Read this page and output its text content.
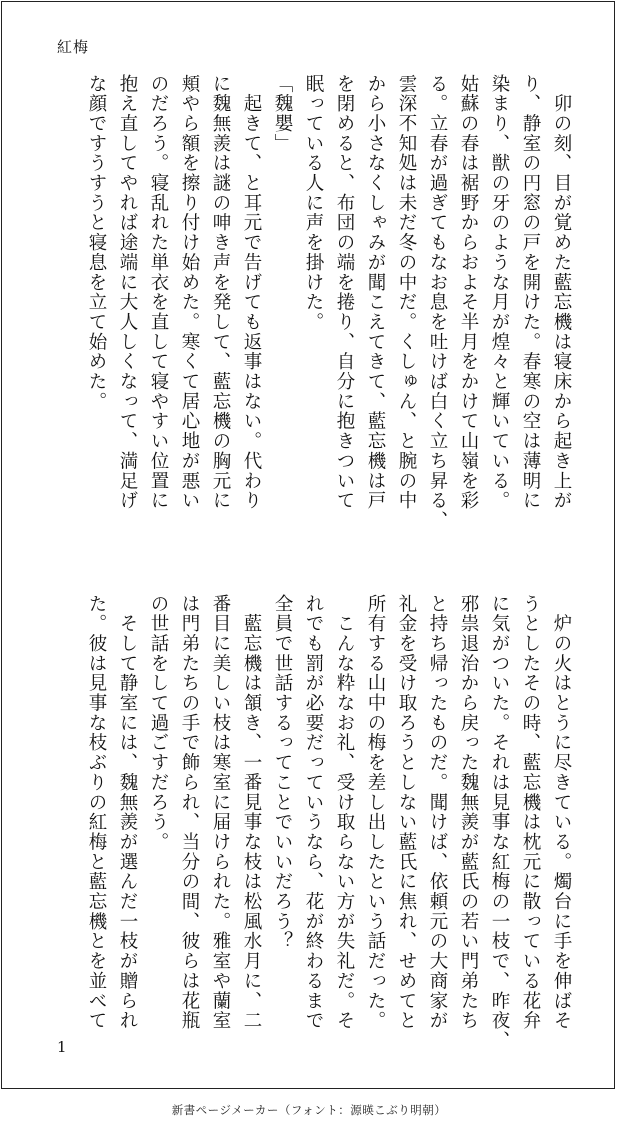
紅梅
　卯の刻、目が覚めた藍忘機は寝床から起き上が
り、静室の円窓の戸を開けた。春寒の空は薄明に
染まり、獣の牙のような月が煌々と輝いている。
姑蘇の春は裾野からおよそ半月をかけて山嶺を彩
る。立春が過ぎてもなお息を吐けば白く立ち昇る、
雲深不知処は未だ冬の中だ。くしゅん、と腕の中
から小さなくしゃみが聞こえてきて、藍忘機は戸
を閉めると、布団の端を捲り、自分に抱きついて
眠っている人に声を掛けた。
「魏嬰」
　起きて、と耳元で告げても返事はない。代わり
に魏無羨は謎の呻き声を発して、藍忘機の胸元に
頬やら額を擦り付け始めた。寒くて居心地が悪い
のだろう。寝乱れた単衣を直して寝やすい位置に
抱え直してやれば途端に大人しくなって、満足げ
な顔ですうすうと寝息を立て始めた。
　炉の火はとうに尽きている。燭台に手を伸ばそ
うとしたその時、藍忘機は枕元に散っている花弁
に気がついた。それは見事な紅梅の一枝で、昨夜、
邪祟退治から戻った魏無羨が藍氏の若い門弟たち
と持ち帰ったものだ。聞けば、依頼元の大商家が
礼金を受け取ろうとしない藍氏に焦れ、せめてと
所有する山中の梅を差し出したという話だった。
　こんな粋なお礼、受け取らない方が失礼だ。そ
れでも罰が必要だっていうなら、花が終わるまで
全員で世話するってことでいいだろう？
　藍忘機は頷き、一番見事な枝は松風水月に、二
番目に美しい枝は寒室に届けられた。雅室や蘭室
は門弟たちの手で飾られ、当分の間、彼らは花瓶
の世話をして過ごすだろう。
　そして静室には、魏無羨が選んだ一枝が贈られ
た。彼は見事な枝ぶりの紅梅と藍忘機とを並べて
1
新書ページメーカー（フォント：源暎こぶり明朝）
